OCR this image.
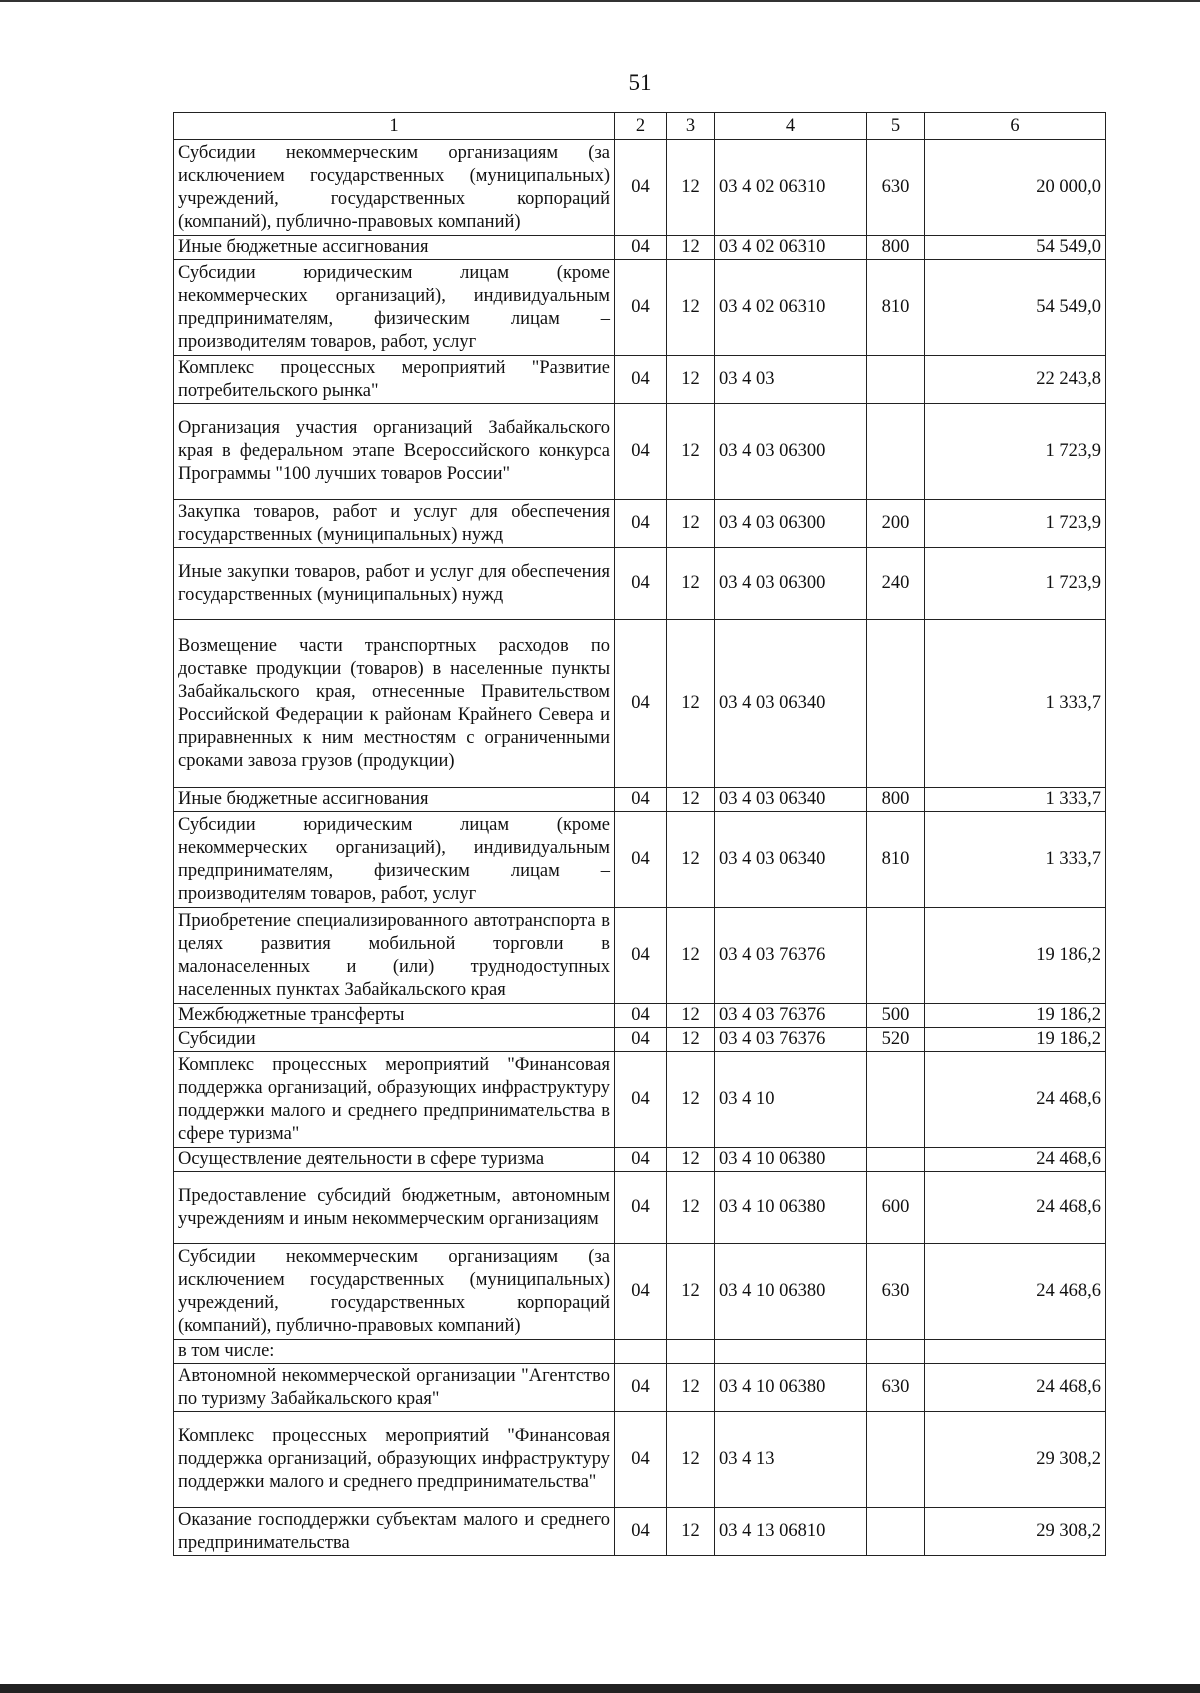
51
1	2	3	4	5	6
Субсидии некоммерческим организациям (за исключением государственных (муниципальных) учреждений, государственных корпораций (компаний), публично-правовых компаний)	04	12	03 4 02 06310	630	20 000,0
Иные бюджетные ассигнования	04	12	03 4 02 06310	800	54 549,0
Субсидии юридическим лицам (кроме некоммерческих организаций), индивидуальным предпринимателям, физическим лицам – производителям товаров, работ, услуг	04	12	03 4 02 06310	810	54 549,0
Комплекс процессных мероприятий "Развитие потребительского рынка"	04	12	03 4 03		22 243,8
Организация участия организаций Забайкальского края в федеральном этапе Всероссийского конкурса Программы "100 лучших товаров России"	04	12	03 4 03 06300		1 723,9
Закупка товаров, работ и услуг для обеспечения государственных (муниципальных) нужд	04	12	03 4 03 06300	200	1 723,9
Иные закупки товаров, работ и услуг для обеспечения государственных (муниципальных) нужд	04	12	03 4 03 06300	240	1 723,9
Возмещение части транспортных расходов по доставке продукции (товаров) в населенные пункты Забайкальского края, отнесенные Правительством Российской Федерации к районам Крайнего Севера и приравненных к ним местностям с ограниченными сроками завоза грузов (продукции)	04	12	03 4 03 06340		1 333,7
Иные бюджетные ассигнования	04	12	03 4 03 06340	800	1 333,7
Субсидии юридическим лицам (кроме некоммерческих организаций), индивидуальным предпринимателям, физическим лицам – производителям товаров, работ, услуг	04	12	03 4 03 06340	810	1 333,7
Приобретение специализированного автотранспорта в целях развития мобильной торговли в малонаселенных и (или) труднодоступных населенных пунктах Забайкальского края	04	12	03 4 03 76376		19 186,2
Межбюджетные трансферты	04	12	03 4 03 76376	500	19 186,2
Субсидии	04	12	03 4 03 76376	520	19 186,2
Комплекс процессных мероприятий "Финансовая поддержка организаций, образующих инфраструктуру поддержки малого и среднего предпринимательства в сфере туризма"	04	12	03 4 10		24 468,6
Осуществление деятельности в сфере туризма	04	12	03 4 10 06380		24 468,6
Предоставление субсидий бюджетным, автономным учреждениям и иным некоммерческим организациям	04	12	03 4 10 06380	600	24 468,6
Субсидии некоммерческим организациям (за исключением государственных (муниципальных) учреждений, государственных корпораций (компаний), публично-правовых компаний)	04	12	03 4 10 06380	630	24 468,6
в том числе:					
Автономной некоммерческой организации "Агентство по туризму Забайкальского края"	04	12	03 4 10 06380	630	24 468,6
Комплекс процессных мероприятий "Финансовая поддержка организаций, образующих инфраструктуру поддержки малого и среднего предпринимательства"	04	12	03 4 13		29 308,2
Оказание господдержки субъектам малого и среднего предпринимательства	04	12	03 4 13 06810		29 308,2
